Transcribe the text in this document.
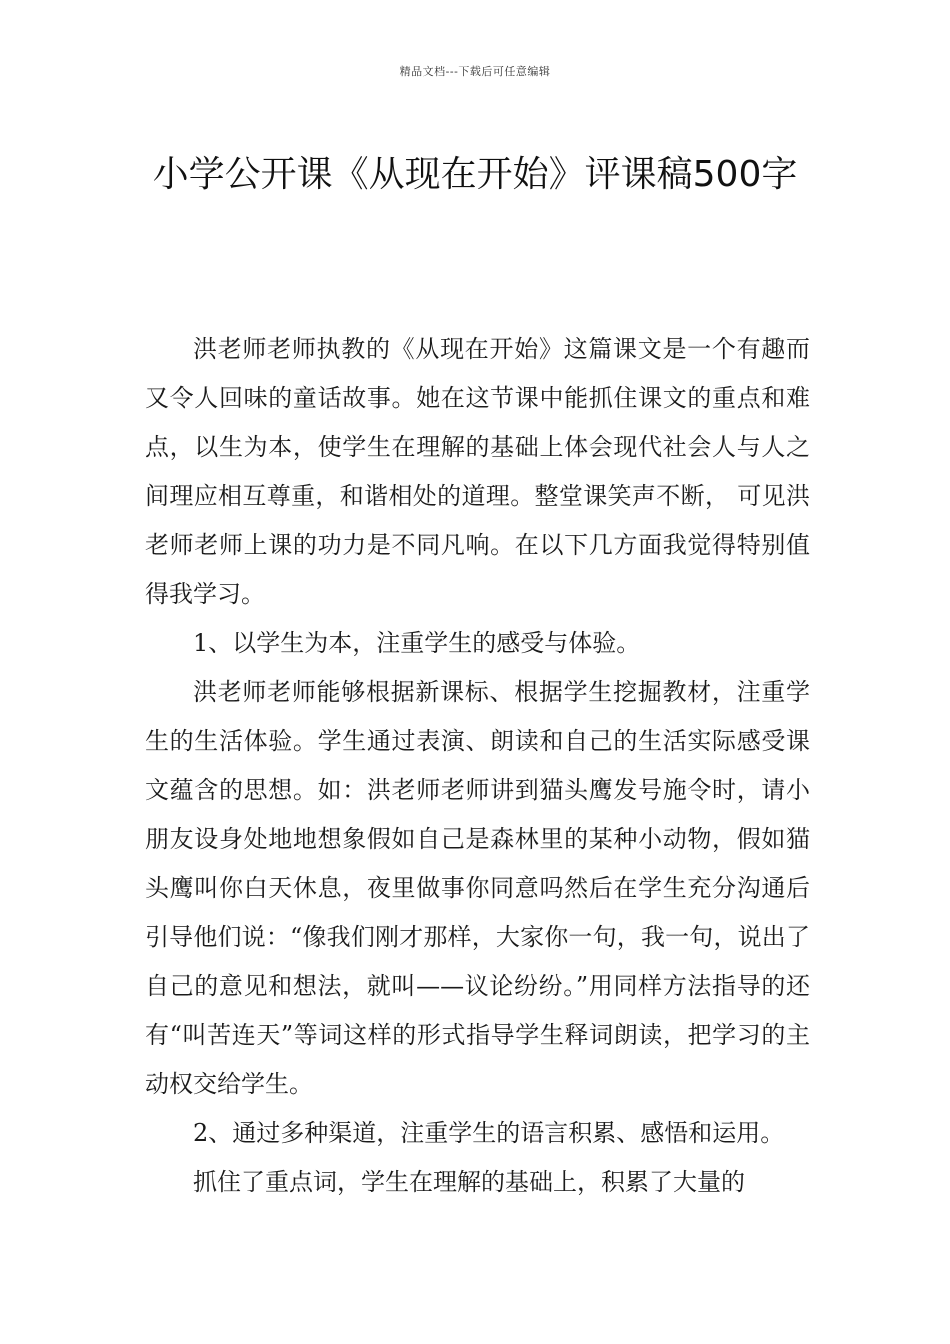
精品文档---下载后可任意编辑
小学公开课《从现在开始》评课稿500字

洪老师老师执教的《从现在开始》这篇课文是一个有趣而又令人回味的童话故事。她在这节课中能抓住课文的重点和难点，以生为本，使学生在理解的基础上体会现代社会人与人之间理应相互尊重，和谐相处的道理。整堂课笑声不断， 可见洪老师老师上课的功力是不同凡响。在以下几方面我觉得特别值得我学习。

1、以学生为本，注重学生的感受与体验。

洪老师老师能够根据新课标、根据学生挖掘教材，注重学生的生活体验。学生通过表演、朗读和自己的生活实际感受课文蕴含的思想。如：洪老师老师讲到猫头鹰发号施令时，请小朋友设身处地地想象假如自己是森林里的某种小动物，假如猫头鹰叫你白天休息，夜里做事你同意吗然后在学生充分沟通后引导他们说：“像我们刚才那样，大家你一句，我一句，说出了自己的意见和想法，就叫——议论纷纷。”用同样方法指导的还有“叫苦连天”等词这样的形式指导学生释词朗读，把学习的主动权交给学生。

2、通过多种渠道，注重学生的语言积累、感悟和运用。

抓住了重点词，学生在理解的基础上，积累了大量的
